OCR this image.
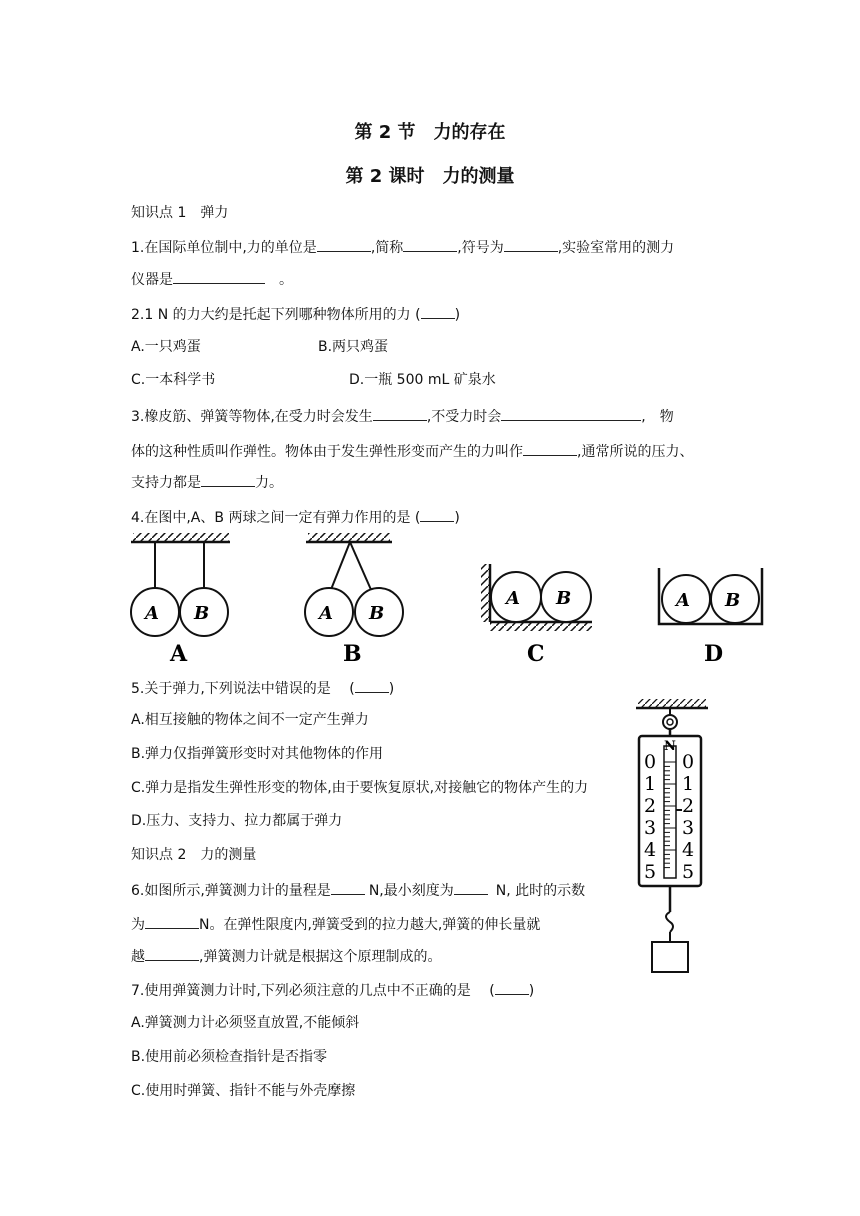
第 2 节　力的存在
第 2 课时　力的测量
知识点 1　弹力
1.在国际单位制中,力的单位是	,简称	,符号为	,实验室常用的测力
仪器是	。
2.1 N 的力大约是托起下列哪种物体所用的力 ( )
A.一只鸡蛋	B.两只鸡蛋
C.一本科学书	D.一瓶 500 mL 矿泉水
3.橡皮筋、弹簧等物体,在受力时会发生	,不受力时会	,　物
体的这种性质叫作弹性。物体由于发生弹性形变而产生的力叫作	,通常所说的压力、
支持力都是	力。
4.在图中,A、B 两球之间一定有弹力作用的是 ( )
A B
A
A B
B
A B
C
A B
D
5.关于弹力,下列说法中错误的是　 ( )
A.相互接触的物体之间不一定产生弹力
B.弹力仅指弹簧形变时对其他物体的作用
C.弹力是指发生弹性形变的物体,由于要恢复原状,对接触它的物体产生的力
D.压力、支持力、拉力都属于弹力
知识点 2　力的测量
6.如图所示,弹簧测力计的量程是	N,最小刻度为	N, 此时的示数
为	N。在弹性限度内,弹簧受到的拉力越大,弹簧的伸长量就
越	,弹簧测力计就是根据这个原理制成的。
N
0 0
1 1
2 2
3 3
4 4
5 5
7.使用弹簧测力计时,下列必须注意的几点中不正确的是　 ( )
A.弹簧测力计必须竖直放置,不能倾斜
B.使用前必须检查指针是否指零
C.使用时弹簧、指针不能与外壳摩擦
